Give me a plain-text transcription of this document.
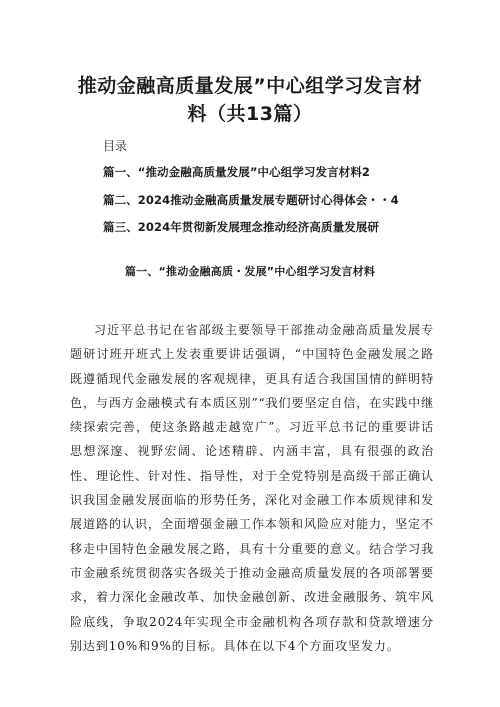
推动金融高质量发展”中心组学习发言材料（共13篇）
目录
篇一、“推动金融高质量发展”中心组学习发言材料2
篇二、2024推动金融高质量发展专题研讨心得体会・・4
篇三、2024年贯彻新发展理念推动经济高质量发展研
篇一、“推动金融高质・发展”中心组学习发言材料

习近平总书记在省部级主要领导干部推动金融高质量发展专题研讨班开班式上发表重要讲话强调，“中国特色金融发展之路既遵循现代金融发展的客观规律，更具有适合我国国情的鲜明特色，与西方金融模式有本质区别”“我们要坚定自信，在实践中继续探索完善，使这条路越走越宽广”。习近平总书记的重要讲话思想深邃、视野宏阔、论述精辟、内涵丰富，具有很强的政治性、理论性、针对性、指导性，对于全党特别是高级干部正确认识我国金融发展面临的形势任务，深化对金融工作本质规律和发展道路的认识，全面增强金融工作本领和风险应对能力，坚定不移走中国特色金融发展之路，具有十分重要的意义。结合学习我市金融系统贯彻落实各级关于推动金融高质量发展的各项部署要求，着力深化金融改革、加快金融创新、改进金融服务、筑牢风险底线，争取2024年实现全市金融机构各项存款和贷款增速分别达到10%和9%的目标。具体在以下4个方面攻坚发力。
